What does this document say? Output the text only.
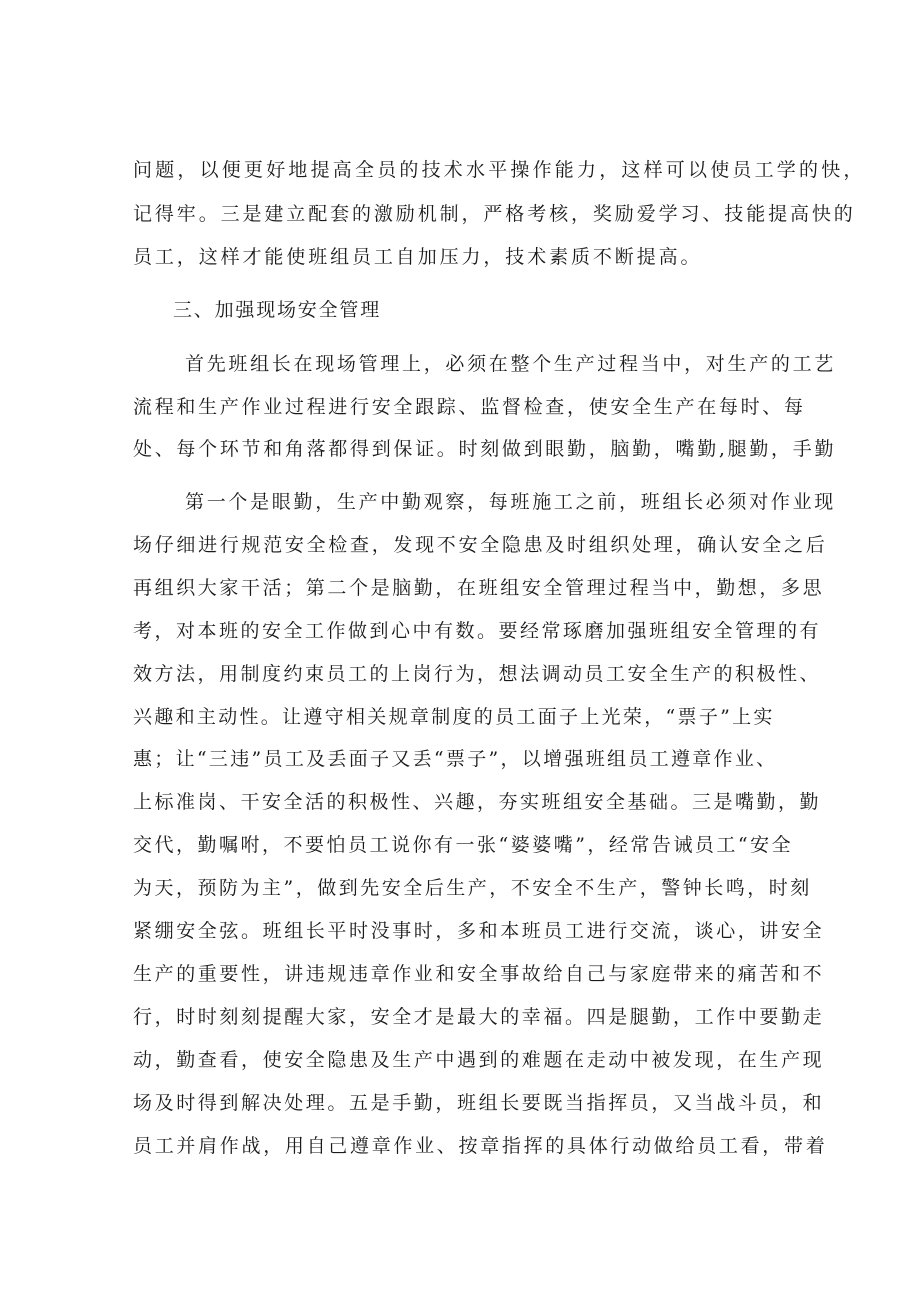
问题，以便更好地提高全员的技术水平操作能力，这样可以使员工学的快，
记得牢。三是建立配套的激励机制，严格考核，奖励爱学习、技能提高快的
员工，这样才能使班组员工自加压力，技术素质不断提高。
三、加强现场安全管理
首先班组长在现场管理上，必须在整个生产过程当中，对生产的工艺
流程和生产作业过程进行安全跟踪、监督检查，使安全生产在每时、每
处、每个环节和角落都得到保证。时刻做到眼勤，脑勤，嘴勤,腿勤，手勤
第一个是眼勤，生产中勤观察，每班施工之前，班组长必须对作业现
场仔细进行规范安全检查，发现不安全隐患及时组织处理，确认安全之后
再组织大家干活；第二个是脑勤，在班组安全管理过程当中，勤想，多思
考，对本班的安全工作做到心中有数。要经常琢磨加强班组安全管理的有
效方法，用制度约束员工的上岗行为，想法调动员工安全生产的积极性、
兴趣和主动性。让遵守相关规章制度的员工面子上光荣，“票子”上实
惠；让“三违”员工及丢面子又丢“票子”，以增强班组员工遵章作业、
上标准岗、干安全活的积极性、兴趣，夯实班组安全基础。三是嘴勤，勤
交代，勤嘱咐，不要怕员工说你有一张“婆婆嘴”，经常告诫员工“安全
为天，预防为主”，做到先安全后生产，不安全不生产，警钟长鸣，时刻
紧绷安全弦。班组长平时没事时，多和本班员工进行交流，谈心，讲安全
生产的重要性，讲违规违章作业和安全事故给自己与家庭带来的痛苦和不
行，时时刻刻提醒大家，安全才是最大的幸福。四是腿勤，工作中要勤走
动，勤查看，使安全隐患及生产中遇到的难题在走动中被发现，在生产现
场及时得到解决处理。五是手勤，班组长要既当指挥员，又当战斗员，和
员工并肩作战，用自己遵章作业、按章指挥的具体行动做给员工看，带着
